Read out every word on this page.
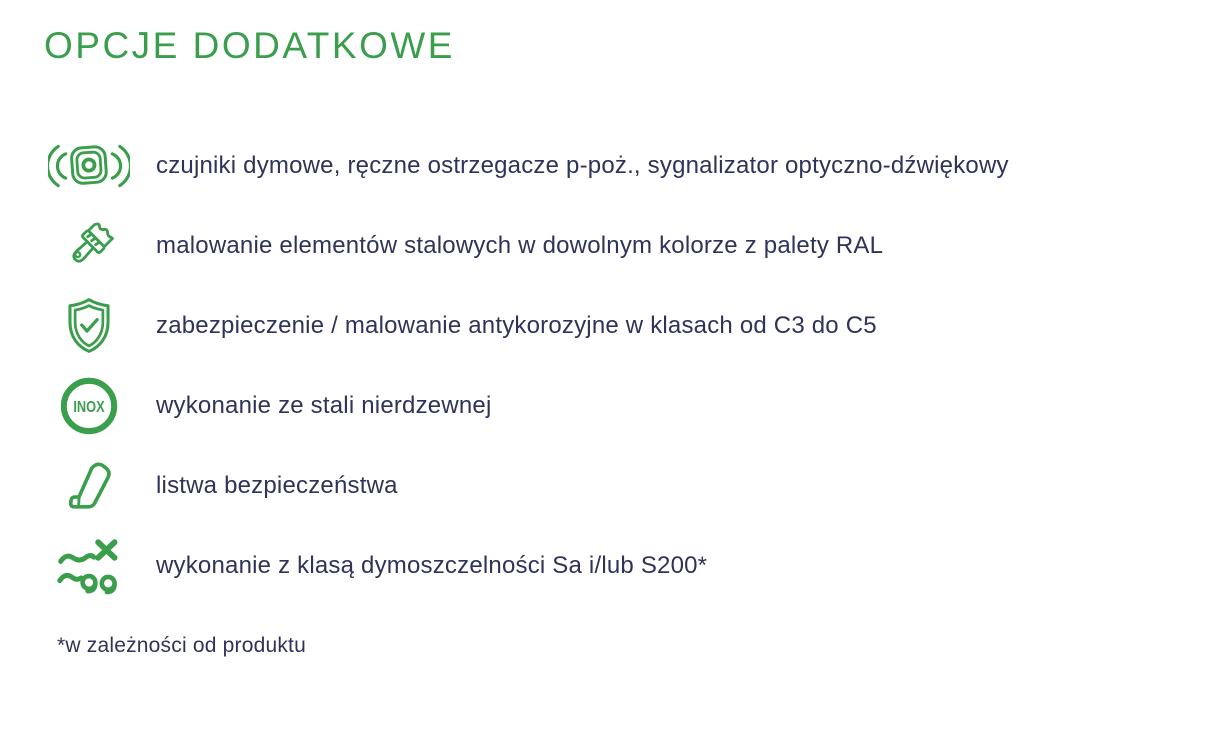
OPCJE DODATKOWE
czujniki dymowe, ręczne ostrzegacze p-poż., sygnalizator optyczno-dźwiękowy
malowanie elementów stalowych w dowolnym kolorze z palety RAL
zabezpieczenie / malowanie antykorozyjne w klasach od C3 do C5
INOX wykonanie ze stali nierdzewnej
listwa bezpieczeństwa
wykonanie z klasą dymoszczelności Sa i/lub S200*

*w zależności od produktu
